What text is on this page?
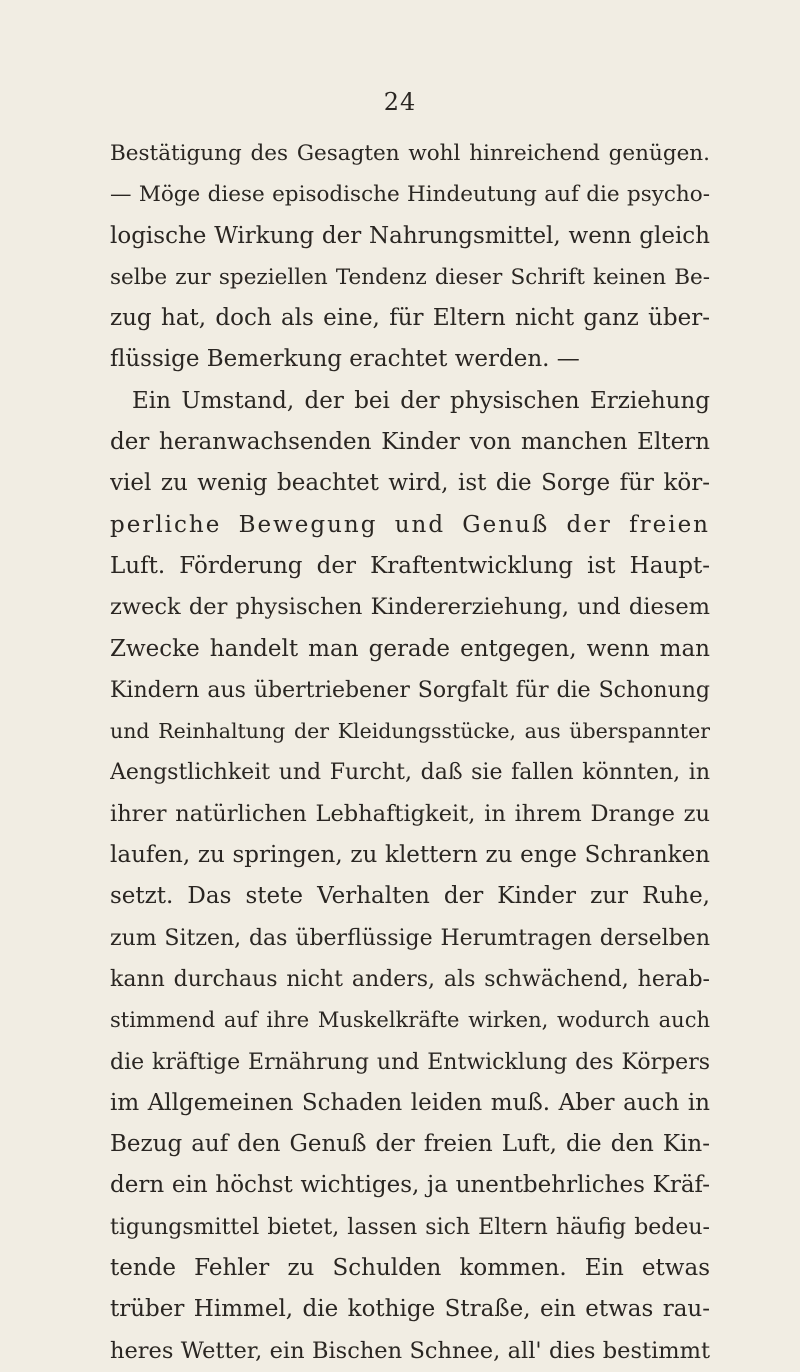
24
Bestätigung des Gesagten wohl hinreichend genügen.
— Möge diese episodische Hindeutung auf die psycho-
logische Wirkung der Nahrungsmittel, wenn gleich
selbe zur speziellen Tendenz dieser Schrift keinen Be-
zug hat, doch als eine, für Eltern nicht ganz über-
flüssige Bemerkung erachtet werden. —
Ein Umstand, der bei der physischen Erziehung
der heranwachsenden Kinder von manchen Eltern
viel zu wenig beachtet wird, ist die Sorge für kör-
perliche Bewegung und Genuß der freien
Luft. Förderung der Kraftentwicklung ist Haupt-
zweck der physischen Kindererziehung, und diesem
Zwecke handelt man gerade entgegen, wenn man
Kindern aus übertriebener Sorgfalt für die Schonung
und Reinhaltung der Kleidungsstücke, aus überspannter
Aengstlichkeit und Furcht, daß sie fallen könnten, in
ihrer natürlichen Lebhaftigkeit, in ihrem Drange zu
laufen, zu springen, zu klettern zu enge Schranken
setzt. Das stete Verhalten der Kinder zur Ruhe,
zum Sitzen, das überflüssige Herumtragen derselben
kann durchaus nicht anders, als schwächend, herab-
stimmend auf ihre Muskelkräfte wirken, wodurch auch
die kräftige Ernährung und Entwicklung des Körpers
im Allgemeinen Schaden leiden muß. Aber auch in
Bezug auf den Genuß der freien Luft, die den Kin-
dern ein höchst wichtiges, ja unentbehrliches Kräf-
tigungsmittel bietet, lassen sich Eltern häufig bedeu-
tende Fehler zu Schulden kommen. Ein etwas
trüber Himmel, die kothige Straße, ein etwas rau-
heres Wetter, ein Bischen Schnee, all' dies bestimmt
